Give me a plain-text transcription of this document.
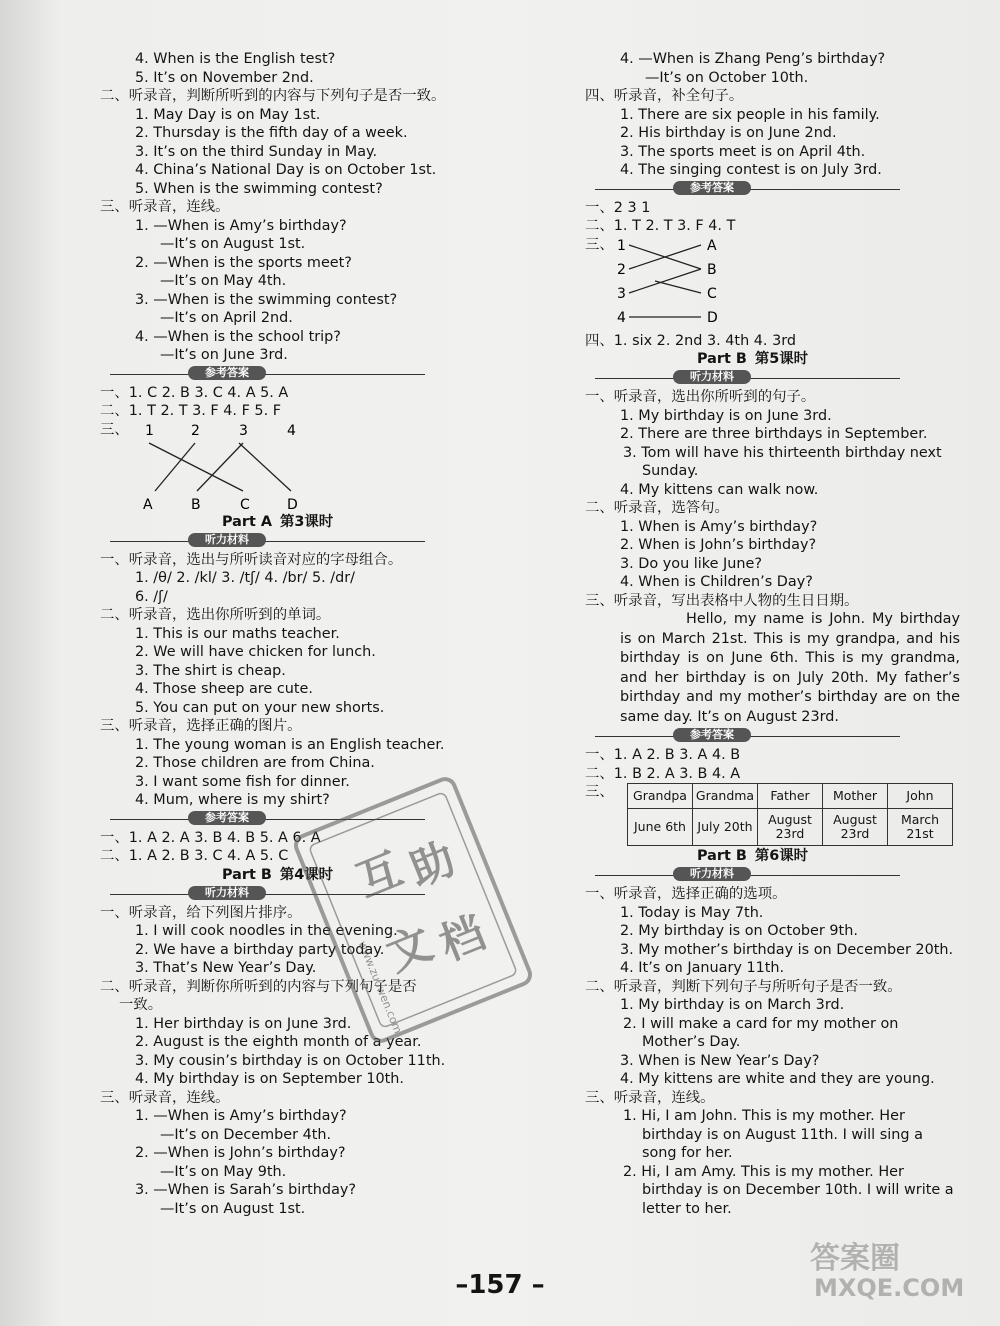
4. When is the English test?
5. It’s on November 2nd.
二、听录音，判断所听到的内容与下列句子是否一致。
1. May Day is on May 1st.
2. Thursday is the fifth day of a week.
3. It’s on the third Sunday in May.
4. China’s National Day is on October 1st.
5. When is the swimming contest?
三、听录音，连线。
1. —When is Amy’s birthday?
—It’s on August 1st.
2. —When is the sports meet?
—It’s on May 4th.
3. —When is the swimming contest?
—It’s on April 2nd.
4. —When is the school trip?
—It’s on June 3rd.
参考答案
一、1. C 2. B 3. C 4. A 5. A
二、1. T 2. T 3. F 4. F 5. F
三、 1	2	3	4
A	B	C	D
Part A 第3课时
听力材料
一、听录音，选出与所听读音对应的字母组合。
1. /θ/ 2. /kl/ 3. /tʃ/ 4. /br/ 5. /dr/
6. /ʃ/
二、听录音，选出你所听到的单词。
1. This is our maths teacher.
2. We will have chicken for lunch.
3. The shirt is cheap.
4. Those sheep are cute.
5. You can put on your new shorts.
三、听录音，选择正确的图片。
1. The young woman is an English teacher.
2. Those children are from China.
3. I want some fish for dinner.
4. Mum, where is my shirt?
参考答案
一、1. A 2. A 3. B 4. B 5. A 6. A
二、1. A 2. B 3. C 4. A 5. C
Part B 第4课时
听力材料
一、听录音，给下列图片排序。
1. I will cook noodles in the evening.
2. We have a birthday party today.
3. That’s New Year’s Day.
二、听录音，判断你所听到的内容与下列句子是否
一致。
1. Her birthday is on June 3rd.
2. August is the eighth month of a year.
3. My cousin’s birthday is on October 11th.
4. My birthday is on September 10th.
三、听录音，连线。
1. —When is Amy’s birthday?
—It’s on December 4th.
2. —When is John’s birthday?
—It’s on May 9th.
3. —When is Sarah’s birthday?
—It’s on August 1st.
4. —When is Zhang Peng’s birthday?
—It’s on October 10th.
四、听录音，补全句子。
1. There are six people in his family.
2. His birthday is on June 2nd.
3. The sports meet is on April 4th.
4. The singing contest is on July 3rd.
参考答案
一、2 3 1
二、1. T 2. T 3. F 4. T
三、 1
2
3
4
A
B
C
D
四、1. six 2. 2nd 3. 4th 4. 3rd
Part B 第5课时
听力材料
一、听录音，选出你所听到的句子。
1. My birthday is on June 3rd.
2. There are three birthdays in September.
3. Tom will have his thirteenth birthday next Sunday.
4. My kittens can walk now.
二、听录音，选答句。
1. When is Amy’s birthday?
2. When is John’s birthday?
3. Do you like June?
4. When is Children’s Day?
三、听录音，写出表格中人物的生日日期。
Hello, my name is John. My birthday is on March 21st. This is my grandpa, and his birthday is on June 6th. This is my grandma, and her birthday is on July 20th. My father’s birthday and my mother’s birthday are on the same day. It’s on August 23rd.
参考答案
一、1. A 2. B 3. A 4. B
二、1. B 2. A 3. B 4. A
三、 Grandpa	Grandma	Father	Mother	John
June 6th	July 20th	August 23rd	August 23rd	March 21st
Part B 第6课时
听力材料
一、听录音，选择正确的选项。
1. Today is May 7th.
2. My birthday is on October 9th.
3. My mother’s birthday is on December 20th.
4. It’s on January 11th.
二、听录音，判断下列句子与所听句子是否一致。
1. My birthday is on March 3rd.
2. I will make a card for my mother on Mother’s Day.
3. When is New Year’s Day?
4. My kittens are white and they are young.
三、听录音，连线。
1. Hi, I am John. This is my mother. Her birthday is on August 11th. I will sing a song for her.
2. Hi, I am Amy. This is my mother. Her birthday is on December 10th. I will write a letter to her.
互
助
文
档
www.zuowen.com
答案圈
MXQE.COM
–157 –
